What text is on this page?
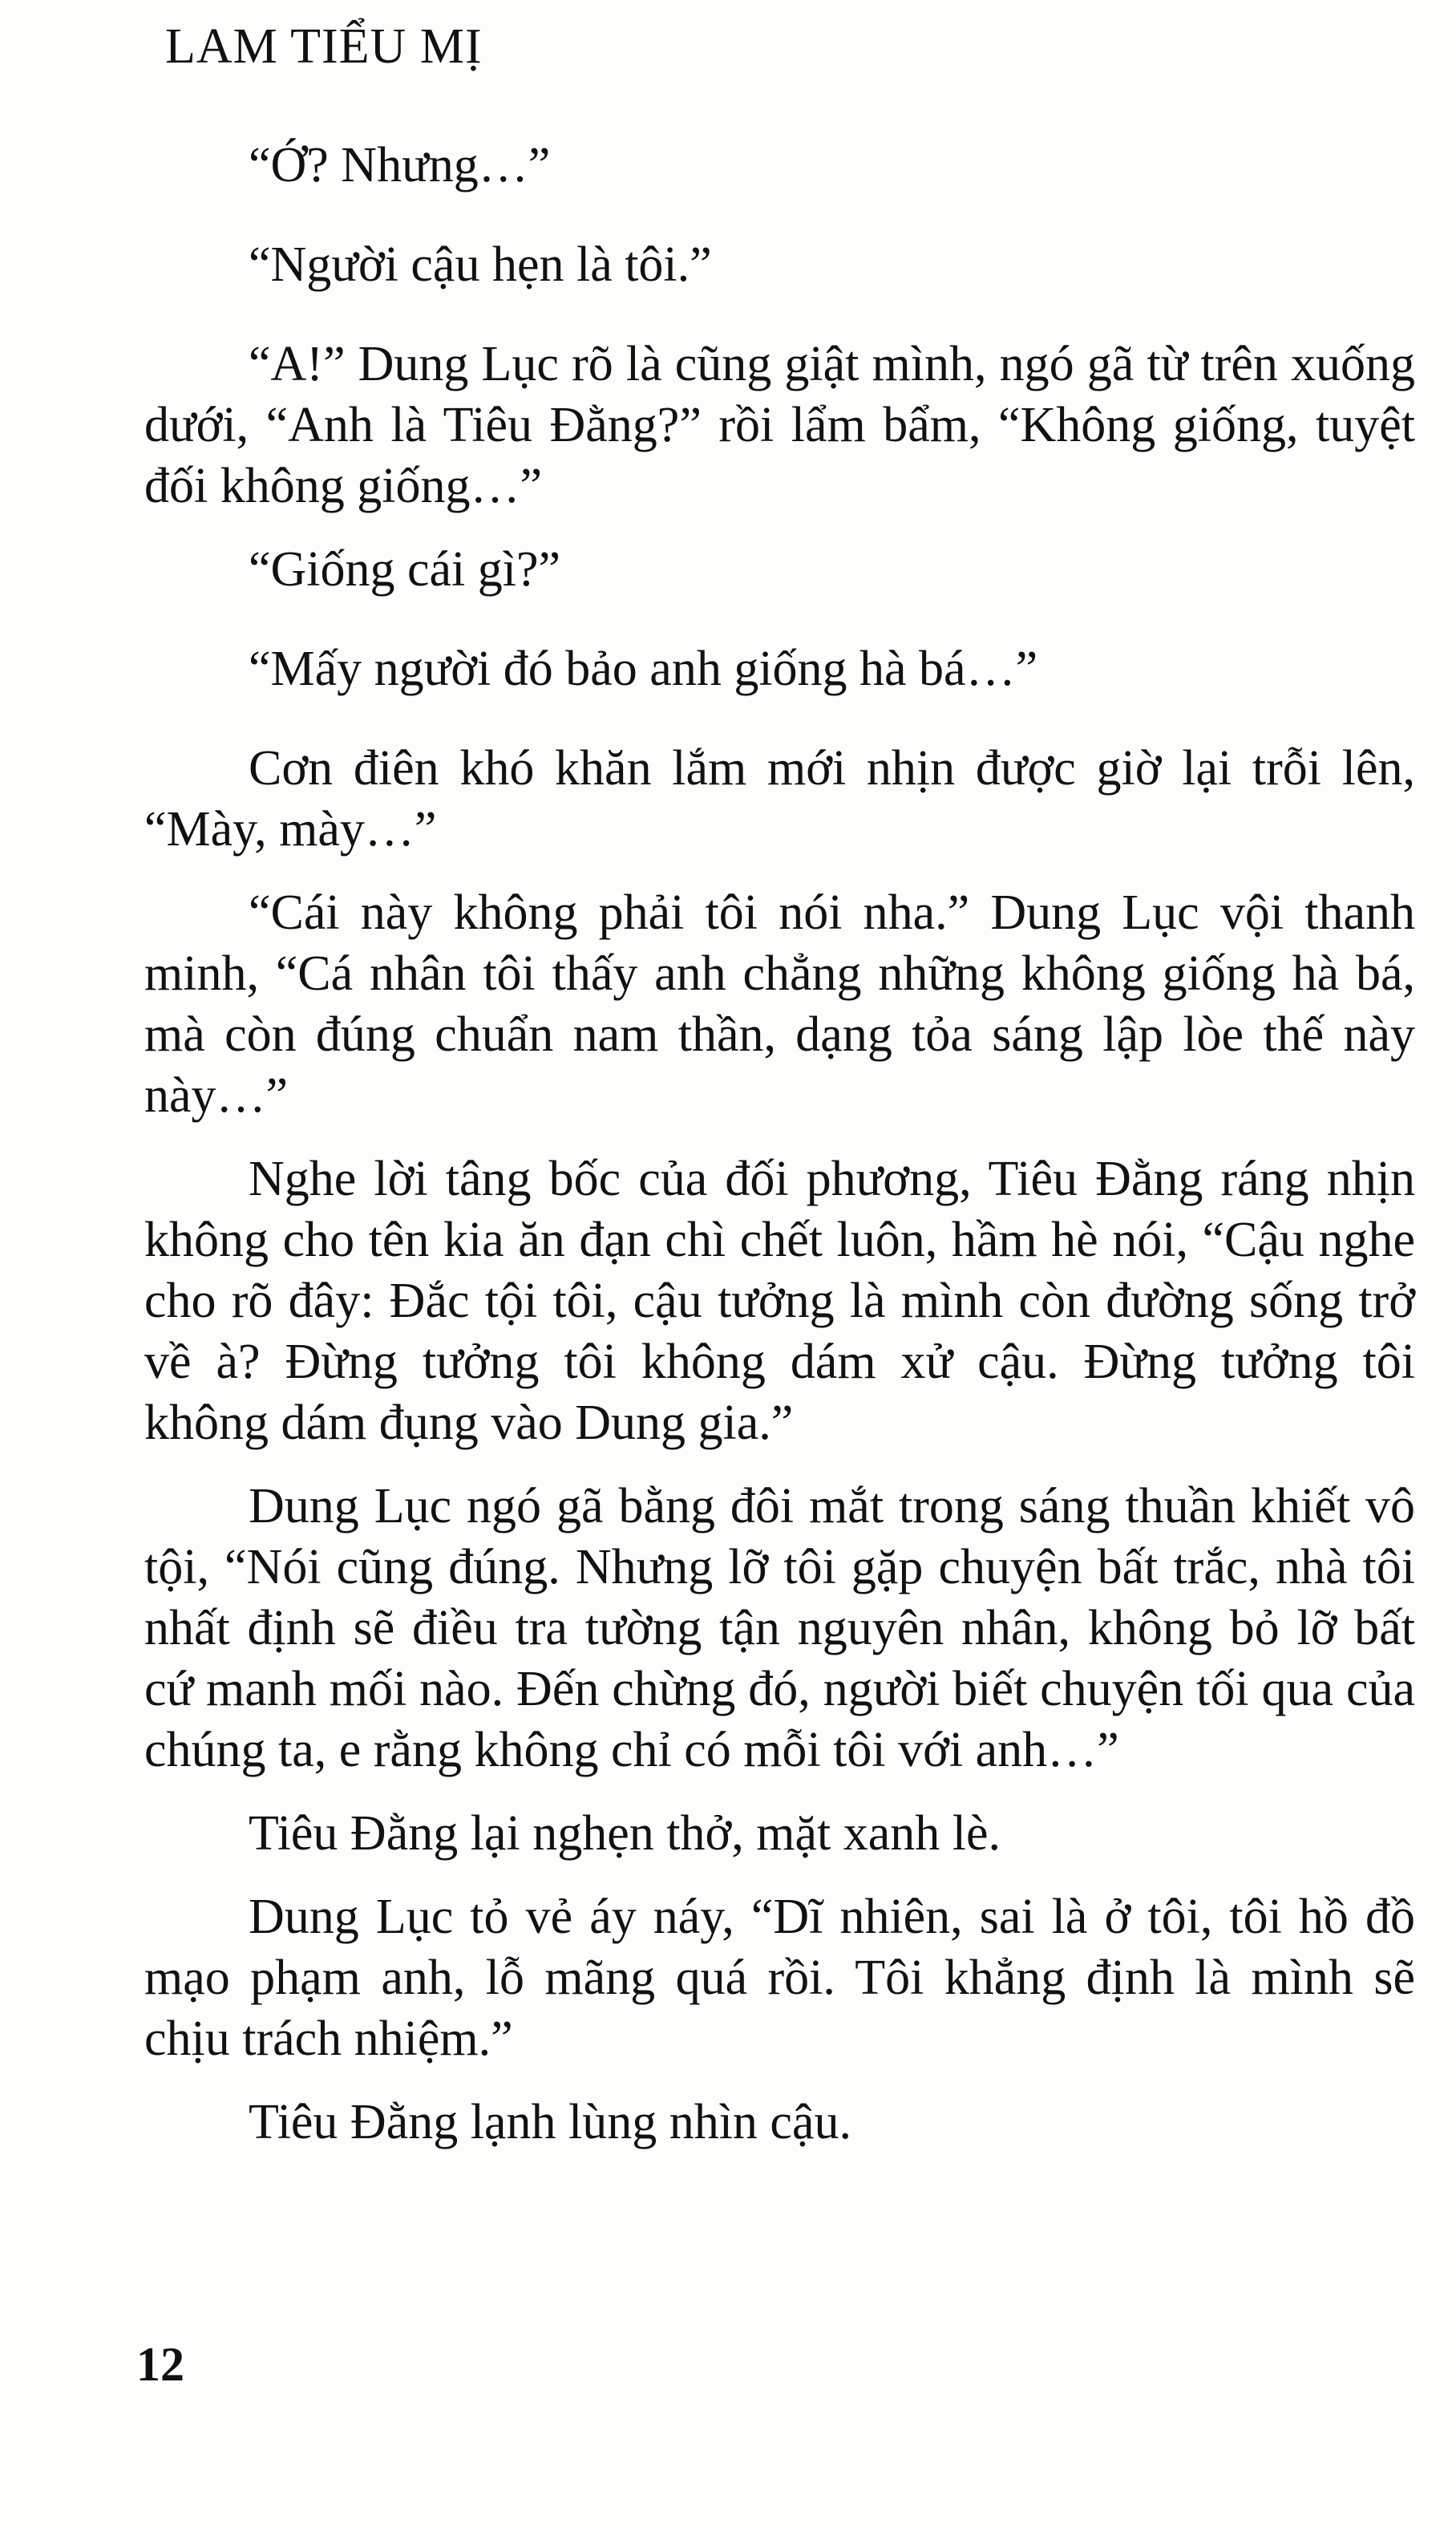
LAM TIỂU MỊ

“Ớ? Nhưng…”

“Người cậu hẹn là tôi.”

“A!” Dung Lục rõ là cũng giật mình, ngó gã từ trên xuống dưới, “Anh là Tiêu Đằng?” rồi lẩm bẩm, “Không giống, tuyệt đối không giống…”

“Giống cái gì?”

“Mấy người đó bảo anh giống hà bá…”

Cơn điên khó khăn lắm mới nhịn được giờ lại trỗi lên, “Mày, mày…”

“Cái này không phải tôi nói nha.” Dung Lục vội thanh minh, “Cá nhân tôi thấy anh chẳng những không giống hà bá, mà còn đúng chuẩn nam thần, dạng tỏa sáng lập lòe thế này này…”

Nghe lời tâng bốc của đối phương, Tiêu Đằng ráng nhịn không cho tên kia ăn đạn chì chết luôn, hầm hè nói, “Cậu nghe cho rõ đây: Đắc tội tôi, cậu tưởng là mình còn đường sống trở về à? Đừng tưởng tôi không dám xử cậu. Đừng tưởng tôi không dám đụng vào Dung gia.”

Dung Lục ngó gã bằng đôi mắt trong sáng thuần khiết vô tội, “Nói cũng đúng. Nhưng lỡ tôi gặp chuyện bất trắc, nhà tôi nhất định sẽ điều tra tường tận nguyên nhân, không bỏ lỡ bất cứ manh mối nào. Đến chừng đó, người biết chuyện tối qua của chúng ta, e rằng không chỉ có mỗi tôi với anh…”

Tiêu Đằng lại nghẹn thở, mặt xanh lè.

Dung Lục tỏ vẻ áy náy, “Dĩ nhiên, sai là ở tôi, tôi hồ đồ mạo phạm anh, lỗ mãng quá rồi. Tôi khẳng định là mình sẽ chịu trách nhiệm.”

Tiêu Đằng lạnh lùng nhìn cậu.

12
